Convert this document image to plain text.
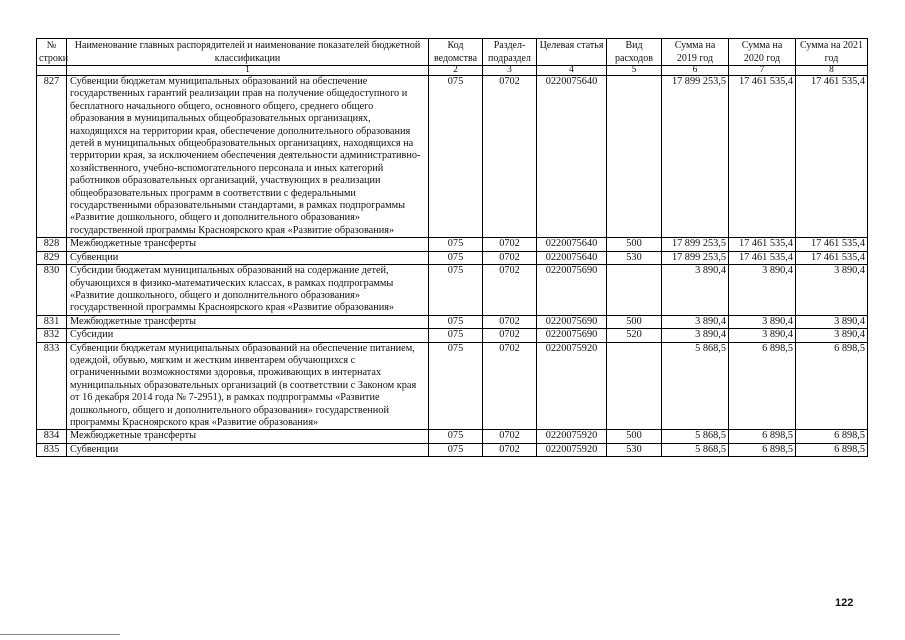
№ строки	Наименование главных распорядителей и наименование показателей бюджетной классификации	Код ведомства	Раздел-подраздел	Целевая статья	Вид расходов	Сумма на 2019 год	Сумма на 2020 год	Сумма на 2021 год
	1	2	3	4	5	6	7	8
827	Субвенции бюджетам муниципальных образований на обеспечение государственных гарантий реализации прав на получение общедоступного и бесплатного начального общего, основного общего, среднего общего образования в муниципальных общеобразовательных организациях, находящихся на территории края, обеспечение дополнительного образования детей в муниципальных общеобразовательных организациях, находящихся на территории края, за исключением обеспечения деятельности административно-хозяйственного, учебно-вспомогательного персонала и иных категорий работников образовательных организаций, участвующих в реализации общеобразовательных программ в соответствии с федеральными государственными образовательными стандартами, в рамках подпрограммы «Развитие дошкольного, общего и дополнительного образования» государственной программы Красноярского края «Развитие образования»	075	0702	0220075640		17 899 253,5	17 461 535,4	17 461 535,4
828	Межбюджетные трансферты	075	0702	0220075640	500	17 899 253,5	17 461 535,4	17 461 535,4
829	Субвенции	075	0702	0220075640	530	17 899 253,5	17 461 535,4	17 461 535,4
830	Субсидии бюджетам муниципальных образований на содержание детей, обучающихся в физико-математических классах, в рамках подпрограммы «Развитие дошкольного, общего и дополнительного образования» государственной программы Красноярского края «Развитие образования»	075	0702	0220075690		3 890,4	3 890,4	3 890,4
831	Межбюджетные трансферты	075	0702	0220075690	500	3 890,4	3 890,4	3 890,4
832	Субсидии	075	0702	0220075690	520	3 890,4	3 890,4	3 890,4
833	Субвенции бюджетам муниципальных образований на обеспечение питанием, одеждой, обувью, мягким и жестким инвентарем обучающихся с ограниченными возможностями здоровья, проживающих в интернатах муниципальных образовательных организаций (в соответствии с Законом края от 16 декабря 2014 года № 7-2951), в рамках подпрограммы «Развитие дошкольного, общего и дополнительного образования» государственной программы Красноярского края «Развитие образования»	075	0702	0220075920		5 868,5	6 898,5	6 898,5
834	Межбюджетные трансферты	075	0702	0220075920	500	5 868,5	6 898,5	6 898,5
835	Субвенции	075	0702	0220075920	530	5 868,5	6 898,5	6 898,5
122
